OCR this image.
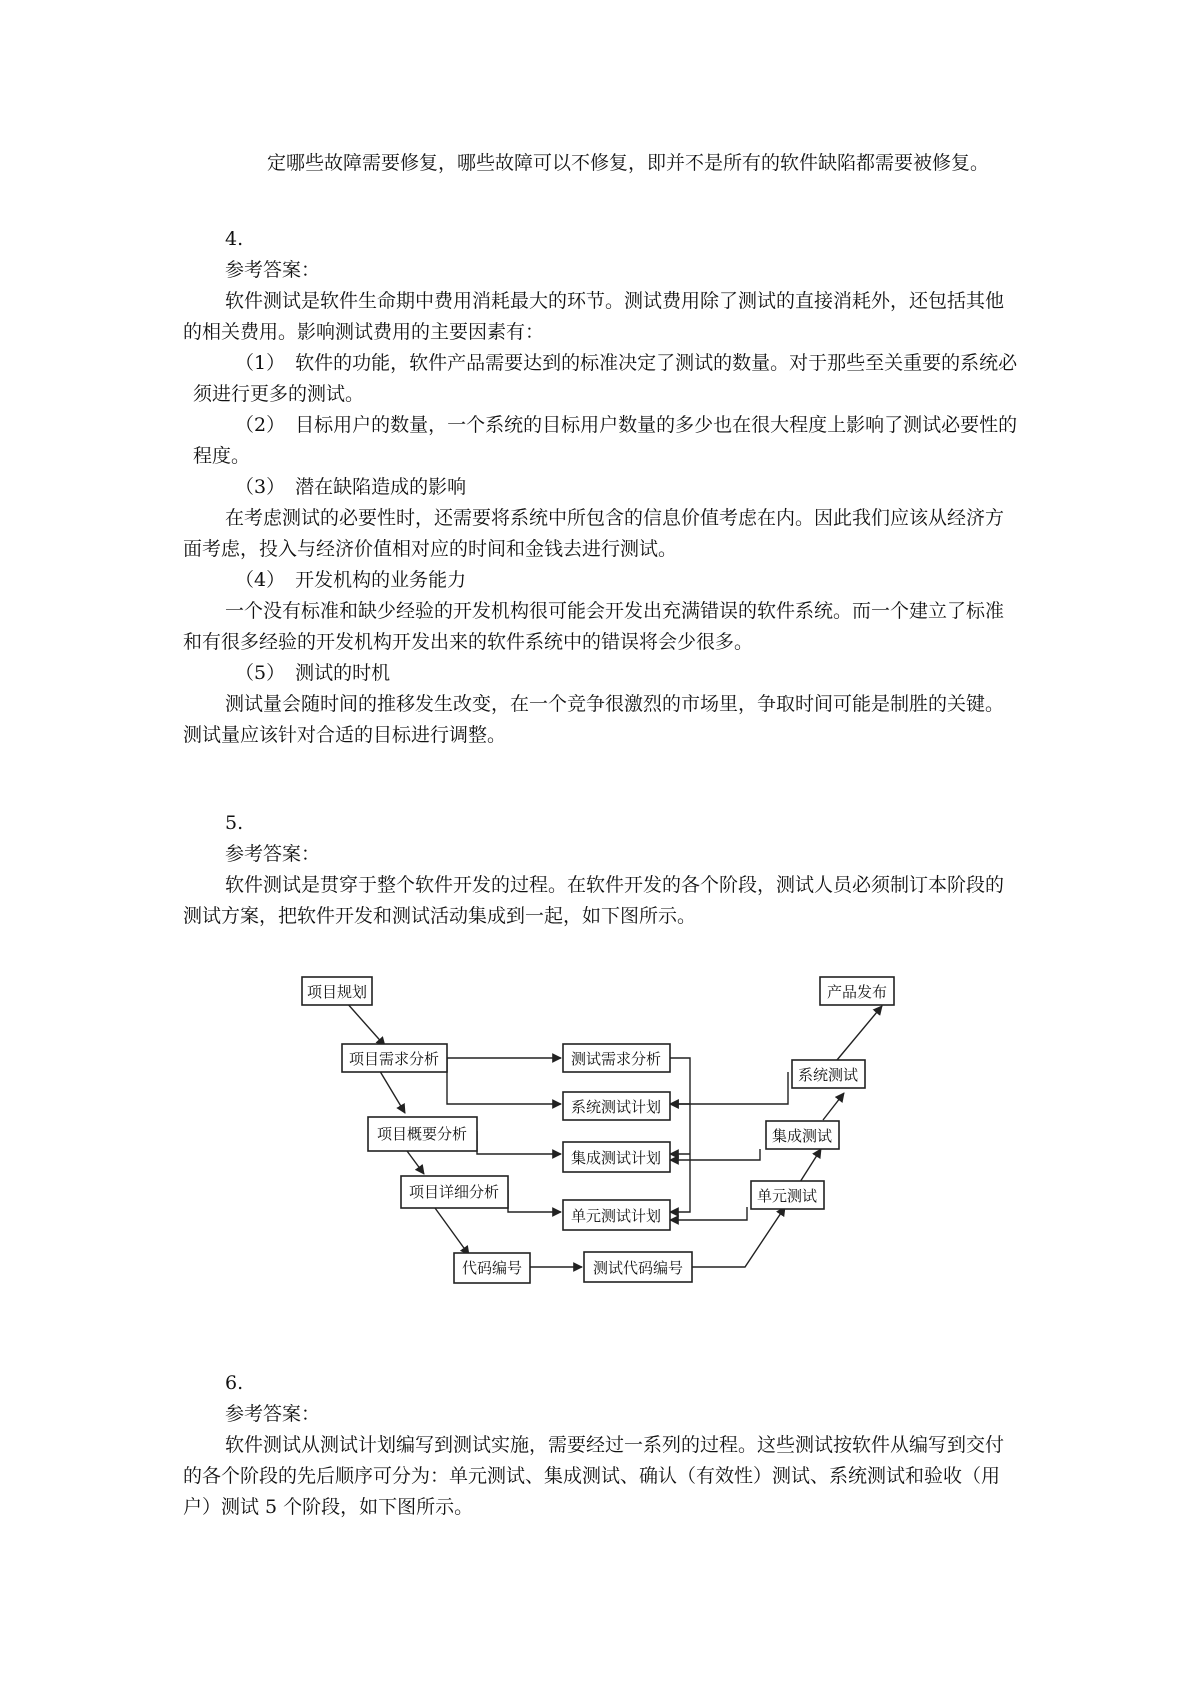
定哪些故障需要修复，哪些故障可以不修复，即并不是所有的软件缺陷都需要被修复。

4.

参考答案：

软件测试是软件生命期中费用消耗最大的环节。测试费用除了测试的直接消耗外，还包括其他的相关费用。影响测试费用的主要因素有：

（1） 软件的功能，软件产品需要达到的标准决定了测试的数量。对于那些至关重要的系统必须进行更多的测试。

（2） 目标用户的数量，一个系统的目标用户数量的多少也在很大程度上影响了测试必要性的程度。

（3） 潜在缺陷造成的影响

在考虑测试的必要性时，还需要将系统中所包含的信息价值考虑在内。因此我们应该从经济方面考虑，投入与经济价值相对应的时间和金钱去进行测试。

（4） 开发机构的业务能力

一个没有标准和缺少经验的开发机构很可能会开发出充满错误的软件系统。而一个建立了标准和有很多经验的开发机构开发出来的软件系统中的错误将会少很多。

（5） 测试的时机

测试量会随时间的推移发生改变，在一个竞争很激烈的市场里，争取时间可能是制胜的关键。测试量应该针对合适的目标进行调整。

5.

参考答案：

软件测试是贯穿于整个软件开发的过程。在软件开发的各个阶段，测试人员必须制订本阶段的测试方案，把软件开发和测试活动集成到一起，如下图所示。

项目规划
项目需求分析
项目概要分析
项目详细分析
代码编号
测试需求分析
系统测试计划
集成测试计划
单元测试计划
测试代码编号
单元测试
集成测试
系统测试
产品发布

6.

参考答案：

软件测试从测试计划编写到测试实施，需要经过一系列的过程。这些测试按软件从编写到交付的各个阶段的先后顺序可分为：单元测试、集成测试、确认（有效性）测试、系统测试和验收（用户）测试 5 个阶段，如下图所示。
